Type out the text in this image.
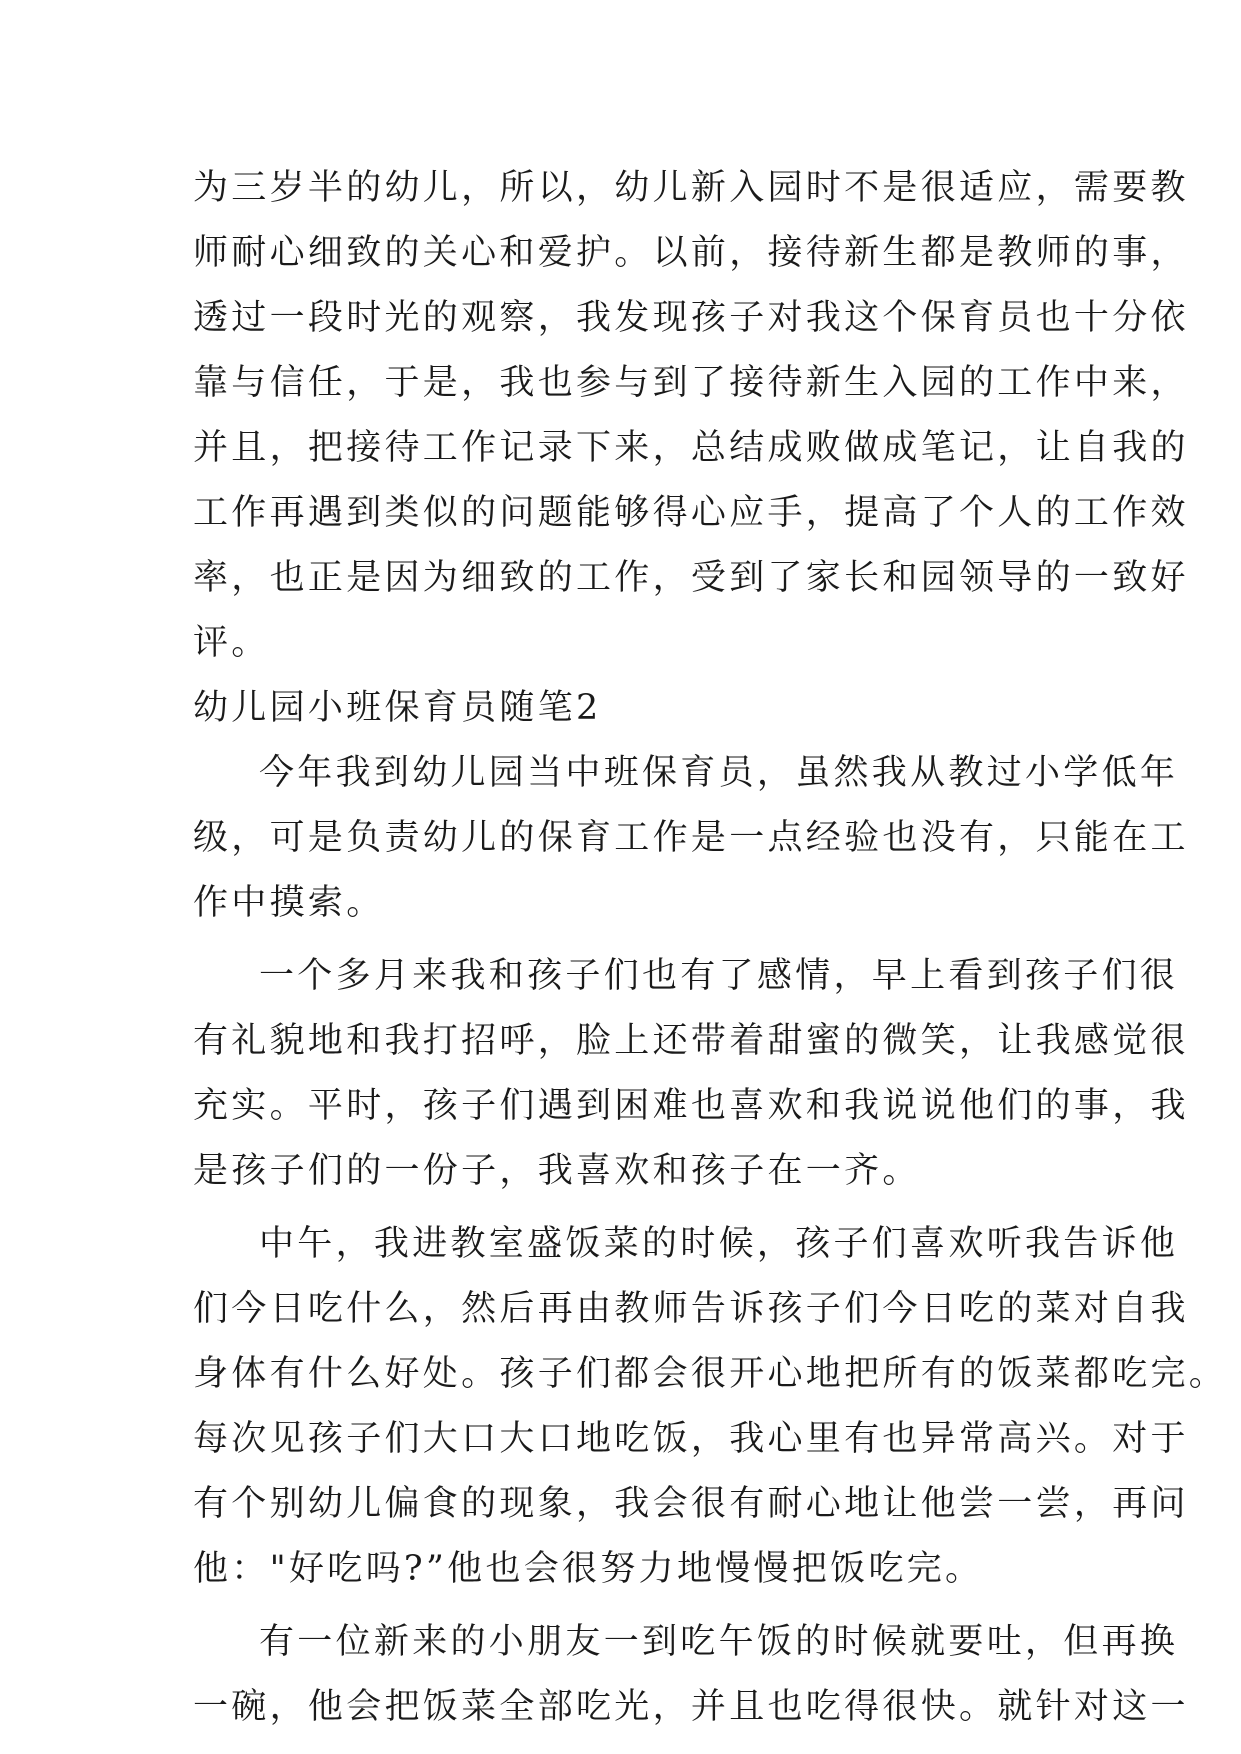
为三岁半的幼儿，所以，幼儿新入园时不是很适应，需要教
师耐心细致的关心和爱护。以前，接待新生都是教师的事，
透过一段时光的观察，我发现孩子对我这个保育员也十分依
靠与信任，于是，我也参与到了接待新生入园的工作中来，
并且，把接待工作记录下来，总结成败做成笔记，让自我的
工作再遇到类似的问题能够得心应手，提高了个人的工作效
率，也正是因为细致的工作，受到了家长和园领导的一致好
评。
幼儿园小班保育员随笔2
今年我到幼儿园当中班保育员，虽然我从教过小学低年
级，可是负责幼儿的保育工作是一点经验也没有，只能在工
作中摸索。
一个多月来我和孩子们也有了感情，早上看到孩子们很
有礼貌地和我打招呼，脸上还带着甜蜜的微笑，让我感觉很
充实。平时，孩子们遇到困难也喜欢和我说说他们的事，我
是孩子们的一份子，我喜欢和孩子在一齐。
中午，我进教室盛饭菜的时候，孩子们喜欢听我告诉他
们今日吃什么，然后再由教师告诉孩子们今日吃的菜对自我
身体有什么好处。孩子们都会很开心地把所有的饭菜都吃完。
每次见孩子们大口大口地吃饭，我心里有也异常高兴。对于
有个别幼儿偏食的现象，我会很有耐心地让他尝一尝，再问
他："好吃吗?”他也会很努力地慢慢把饭吃完。
有一位新来的小朋友一到吃午饭的时候就要吐，但再换
一碗，他会把饭菜全部吃光，并且也吃得很快。就针对这一
